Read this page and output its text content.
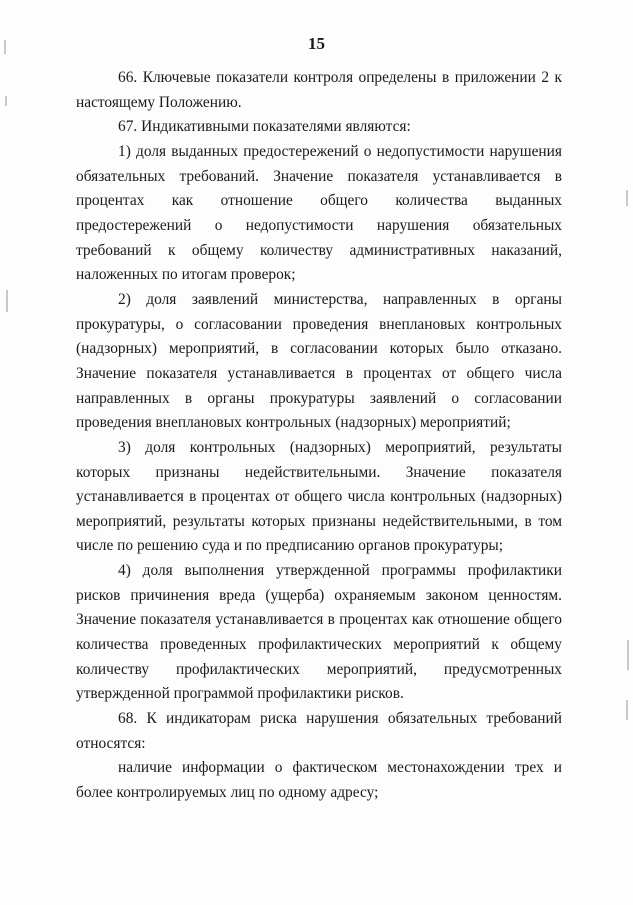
15

66. Ключевые показатели контроля определены в приложении 2 к настоящему Положению.

67. Индикативными показателями являются:

1) доля выданных предостережений о недопустимости нарушения обязательных требований. Значение показателя устанавливается в процентах как отношение общего количества выданных предостережений о недопустимости нарушения обязательных требований к общему количеству административных наказаний, наложенных по итогам проверок;

2) доля заявлений министерства, направленных в органы прокуратуры, о согласовании проведения внеплановых контрольных (надзорных) мероприятий, в согласовании которых было отказано. Значение показателя устанавливается в процентах от общего числа направленных в органы прокуратуры заявлений о согласовании проведения внеплановых контрольных (надзорных) мероприятий;

3) доля контрольных (надзорных) мероприятий, результаты которых признаны недействительными. Значение показателя устанавливается в процентах от общего числа контрольных (надзорных) мероприятий, результаты которых признаны недействительными, в том числе по решению суда и по предписанию органов прокуратуры;

4) доля выполнения утвержденной программы профилактики рисков причинения вреда (ущерба) охраняемым законом ценностям. Значение показателя устанавливается в процентах как отношение общего количества проведенных профилактических мероприятий к общему количеству профилактических мероприятий, предусмотренных утвержденной программой профилактики рисков.

68. К индикаторам риска нарушения обязательных требований относятся:

наличие информации о фактическом местонахождении трех и более контролируемых лиц по одному адресу;
